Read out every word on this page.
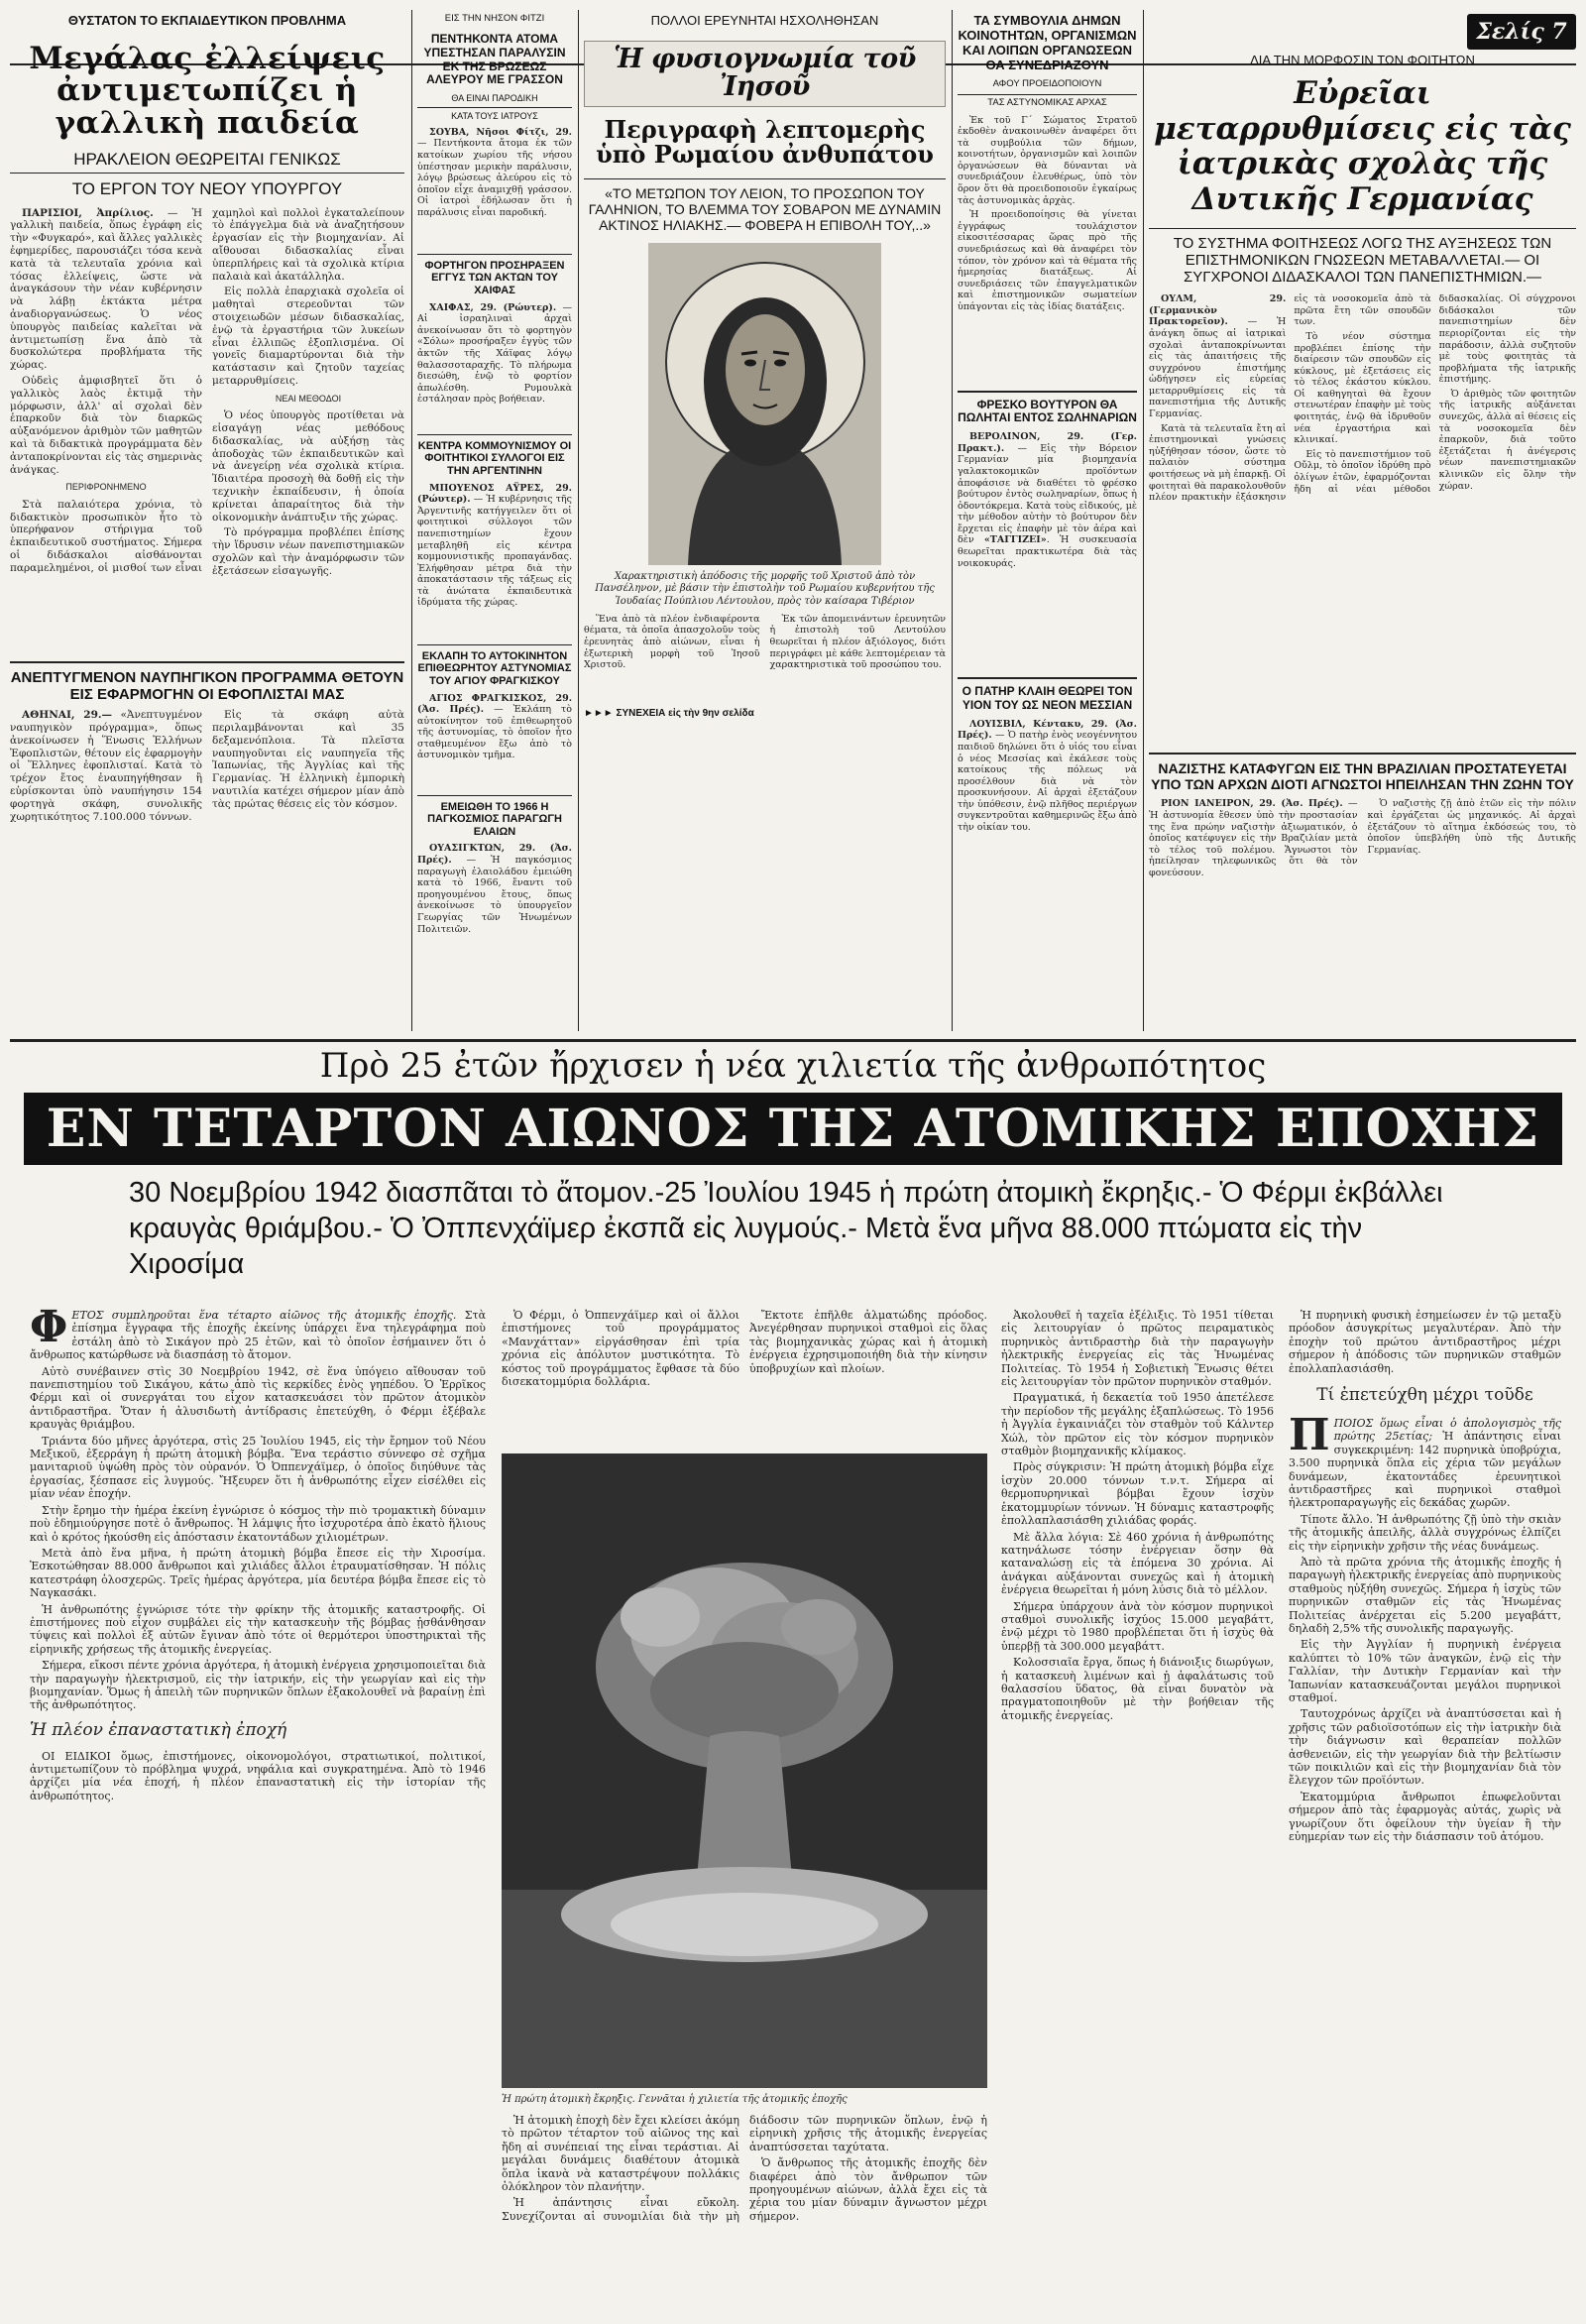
ΘΥΣΤΑΤΟΝ ΤΟ ΕΚΠΑΙΔΕΥΤΙΚΟΝ ΠΡΟΒΛΗΜΑ
Μεγάλας ἐλλείψεις ἀντιμετωπίζει ἡ γαλλικὴ παιδεία
ΗΡΑΚΛΕΙΟΝ ΘΕΩΡΕΙΤΑΙ ΓΕΝΙΚΩΣ
ΤΟ ΕΡΓΟΝ ΤΟΥ ΝΕΟΥ ΥΠΟΥΡΓΟΥ

ΠΑΡΙΣΙΟΙ, Ἀπρίλιος. — Ἡ γαλλικὴ παιδεία, ὅπως ἐγράφη εἰς τὴν «Φυγκαρό», καὶ ἄλλες γαλλικὲς ἐφημερίδες, παρουσιάζει τόσα κενὰ κατὰ τὰ τελευταῖα χρόνια καὶ τόσας ἐλλείψεις, ὥστε νὰ ἀναγκάσουν τὴν νέαν κυβέρνησιν νὰ λάβῃ ἐκτάκτα μέτρα ἀναδιοργανώσεως. Ὁ νέος ὑπουργὸς παιδείας καλεῖται νὰ ἀντιμετωπίσῃ ἕνα ἀπὸ τὰ δυσκολώτερα προβλήματα τῆς χώρας.

Οὐδεὶς ἀμφισβητεῖ ὅτι ὁ γαλλικὸς λαὸς ἐκτιμᾷ τὴν μόρφωσιν, ἀλλ' αἱ σχολαὶ δὲν ἐπαρκοῦν διὰ τὸν διαρκῶς αὐξανόμενον ἀριθμὸν τῶν μαθητῶν καὶ τὰ διδακτικὰ προγράμματα δὲν ἀνταποκρίνονται εἰς τὰς σημερινὰς ἀνάγκας.

ΠΕΡΙΦΡΟΝΗΜΕΝΟ

Στὰ παλαιότερα χρόνια, τὸ διδακτικὸν προσωπικὸν ἦτο τὸ ὑπερήφανον στήριγμα τοῦ ἐκπαιδευτικοῦ συστήματος. Σήμερα οἱ διδάσκαλοι αἰσθάνονται παραμελημένοι, οἱ μισθοί των εἶναι χαμηλοὶ καὶ πολλοὶ ἐγκαταλείπουν τὸ ἐπάγγελμα διὰ νὰ ἀναζητήσουν ἐργασίαν εἰς τὴν βιομηχανίαν. Αἱ αἴθουσαι διδασκαλίας εἶναι ὑπερπλήρεις καὶ τὰ σχολικὰ κτίρια παλαιὰ καὶ ἀκατάλληλα.

Εἰς πολλὰ ἐπαρχιακὰ σχολεῖα οἱ μαθηταὶ στερεοῦνται τῶν στοιχειωδῶν μέσων διδασκαλίας, ἐνῷ τὰ ἐργαστήρια τῶν λυκείων εἶναι ἐλλιπῶς ἐξοπλισμένα. Οἱ γονεῖς διαμαρτύρονται διὰ τὴν κατάστασιν καὶ ζητοῦν ταχείας μεταρρυθμίσεις.

ΝΕΑΙ ΜΕΘΟΔΟΙ

Ὁ νέος ὑπουργὸς προτίθεται νὰ εἰσαγάγῃ νέας μεθόδους διδασκαλίας, νὰ αὐξήσῃ τὰς ἀποδοχὰς τῶν ἐκπαιδευτικῶν καὶ νὰ ἀνεγείρῃ νέα σχολικὰ κτίρια. Ἰδιαιτέρα προσοχὴ θὰ δοθῇ εἰς τὴν τεχνικὴν ἐκπαίδευσιν, ἡ ὁποία κρίνεται ἀπαραίτητος διὰ τὴν οἰκονομικὴν ἀνάπτυξιν τῆς χώρας.

Τὸ πρόγραμμα προβλέπει ἐπίσης τὴν ἵδρυσιν νέων πανεπιστημιακῶν σχολῶν καὶ τὴν ἀναμόρφωσιν τῶν ἐξετάσεων εἰσαγωγῆς.

ΑΝΕΠΤΥΓΜΕΝΟΝ ΝΑΥΠΗΓΙΚΟΝ ΠΡΟΓΡΑΜΜΑ ΘΕΤΟΥΝ ΕΙΣ ΕΦΑΡΜΟΓΗΝ ΟΙ ΕΦΟΠΛΙΣΤΑΙ ΜΑΣ

ΑΘΗΝΑΙ, 29.— «Ἀνεπτυγμένον ναυπηγικὸν πρόγραμμα», ὅπως ἀνεκοίνωσεν ἡ Ἕνωσις Ἑλλήνων Ἐφοπλιστῶν, θέτουν εἰς ἐφαρμογὴν οἱ Ἕλληνες ἐφοπλισταί. Κατὰ τὸ τρέχον ἔτος ἐναυπηγήθησαν ἢ εὑρίσκονται ὑπὸ ναυπήγησιν 154 φορτηγὰ σκάφη, συνολικῆς χωρητικότητος 7.100.000 τόννων.

Εἰς τὰ σκάφη αὐτὰ περιλαμβάνονται καὶ 35 δεξαμενόπλοια. Τὰ πλεῖστα ναυπηγοῦνται εἰς ναυπηγεῖα τῆς Ἰαπωνίας, τῆς Ἀγγλίας καὶ τῆς Γερμανίας. Ἡ ἑλληνικὴ ἐμπορικὴ ναυτιλία κατέχει σήμερον μίαν ἀπὸ τὰς πρώτας θέσεις εἰς τὸν κόσμον.

ΕΙΣ ΤΗΝ ΝΗΣΟΝ ΦΙΤΖΙ
ΠΕΝΤΗΚΟΝΤΑ ΑΤΟΜΑ ΥΠΕΣΤΗΣΑΝ ΠΑΡΑΛΥΣΙΝ ΕΚ ΤΗΣ ΒΡΩΣΕΩΣ ΑΛΕΥΡΟΥ ΜΕ ΓΡΑΣΣΟΝ
ΘΑ ΕΙΝΑΙ ΠΑΡΟΔΙΚΗ
ΚΑΤΑ ΤΟΥΣ ΙΑΤΡΟΥΣ

ΣΟΥΒΑ, Νῆσοι Φίτζι, 29. — Πεντήκοντα ἄτομα ἐκ τῶν κατοίκων χωρίου τῆς νήσου ὑπέστησαν μερικὴν παράλυσιν, λόγῳ βρώσεως ἀλεύρου εἰς τὸ ὁποῖον εἶχε ἀναμιχθῇ γράσσον. Οἱ ἰατροὶ ἐδήλωσαν ὅτι ἡ παράλυσις εἶναι παροδική.

ΦΟΡΤΗΓΟΝ ΠΡΟΣΗΡΑΞΕΝ ΕΓΓΥΣ ΤΩΝ ΑΚΤΩΝ ΤΟΥ ΧΑΙΦΑΣ

ΧΑΙΦΑΣ, 29. (Ρώυτερ). — Αἱ ἰσραηλιναὶ ἀρχαὶ ἀνεκοίνωσαν ὅτι τὸ φορτηγὸν «Σόλω» προσήραξεν ἐγγὺς τῶν ἀκτῶν τῆς Χάϊφας λόγῳ θαλασσοταραχῆς. Τὸ πλήρωμα διεσώθη, ἐνῷ τὸ φορτίον ἀπωλέσθη. Ρυμουλκὰ ἐστάλησαν πρὸς βοήθειαν.

ΚΕΝΤΡΑ ΚΟΜΜΟΥΝΙΣΜΟΥ ΟΙ ΦΟΙΤΗΤΙΚΟΙ ΣΥΛΛΟΓΟΙ ΕΙΣ ΤΗΝ ΑΡΓΕΝΤΙΝΗΝ

ΜΠΟΥΕΝΟΣ ΑΫΡΕΣ, 29. (Ρώυτερ). — Ἡ κυβέρνησις τῆς Ἀργεντινῆς κατήγγειλεν ὅτι οἱ φοιτητικοὶ σύλλογοι τῶν πανεπιστημίων ἔχουν μεταβληθῆ εἰς κέντρα κομμουνιστικῆς προπαγάνδας. Ἐλήφθησαν μέτρα διὰ τὴν ἀποκατάστασιν τῆς τάξεως εἰς τὰ ἀνώτατα ἐκπαιδευτικὰ ἱδρύματα τῆς χώρας.

ΕΚΛΑΠΗ ΤΟ ΑΥΤΟΚΙΝΗΤΟΝ ΕΠΙΘΕΩΡΗΤΟΥ ΑΣΤΥΝΟΜΙΑΣ ΤΟΥ ΑΓΙΟΥ ΦΡΑΓΚΙΣΚΟΥ

ΑΓΙΟΣ ΦΡΑΓΚΙΣΚΟΣ, 29. (Ἀσ. Πρές). — Ἐκλάπη τὸ αὐτοκίνητον τοῦ ἐπιθεωρητοῦ τῆς ἀστυνομίας, τὸ ὁποῖον ἦτο σταθμευμένον ἔξω ἀπὸ τὸ ἀστυνομικὸν τμῆμα.

ΕΜΕΙΩΘΗ ΤΟ 1966 Η ΠΑΓΚΟΣΜΙΟΣ ΠΑΡΑΓΩΓΗ ΕΛΑΙΩΝ

ΟΥΑΣΙΓΚΤΩΝ, 29. (Ἀσ. Πρές). — Ἡ παγκόσμιος παραγωγὴ ἐλαιολάδου ἐμειώθη κατὰ τὸ 1966, ἔναντι τοῦ προηγουμένου ἔτους, ὅπως ἀνεκοίνωσε τὸ ὑπουργεῖον Γεωργίας τῶν Ἡνωμένων Πολιτειῶν.

ΠΟΛΛΟΙ ΕΡΕΥΝΗΤΑΙ ΗΣΧΟΛΗΘΗΣΑΝ
Ἡ φυσιογνωμία τοῦ Ἰησοῦ
Περιγραφὴ λεπτομερὴς ὑπὸ Ρωμαίου ἀνθυπάτου
«ΤΟ ΜΕΤΩΠΟΝ ΤΟΥ ΛΕΙΟΝ, ΤΟ ΠΡΟΣΩΠΟΝ ΤΟΥ ΓΑΛΗΝΙΟΝ, ΤΟ ΒΛΕΜΜΑ ΤΟΥ ΣΟΒΑΡΟΝ ΜΕ ΔΥΝΑΜΙΝ ΑΚΤΙΝΟΣ ΗΛΙΑΚΗΣ.— ΦΟΒΕΡΑ Η ΕΠΙΒΟΛΗ ΤΟΥ,..»
Χαρακτηριστικὴ ἀπόδοσις τῆς μορφῆς τοῦ Χριστοῦ ἀπὸ τὸν Πανσέληνον, μὲ βάσιν τὴν ἐπιστολὴν τοῦ Ρωμαίου κυβερνήτου τῆς Ἰουδαίας Πούπλιου Λέντουλου, πρὸς τὸν καίσαρα Τιβέριον

Ἕνα ἀπὸ τὰ πλέον ἐνδιαφέροντα θέματα, τὰ ὁποῖα ἀπασχολοῦν τοὺς ἐρευνητὰς ἀπὸ αἰώνων, εἶναι ἡ ἐξωτερικὴ μορφὴ τοῦ Ἰησοῦ Χριστοῦ.

Ἐκ τῶν ἀπομεινάντων ἐρευνητῶν ἡ ἐπιστολὴ τοῦ Λεντούλου θεωρεῖται ἡ πλέον ἀξιόλογος, διότι περιγράφει μὲ κάθε λεπτομέρειαν τὰ χαρακτηριστικὰ τοῦ προσώπου του.

►►► ΣΥΝΕΧΕΙΑ εἰς τὴν 9ην σελίδα
ΤΑ ΣΥΜΒΟΥΛΙΑ ΔΗΜΩΝ ΚΟΙΝΟΤΗΤΩΝ, ΟΡΓΑΝΙΣΜΩΝ ΚΑΙ ΛΟΙΠΩΝ ΟΡΓΑΝΩΣΕΩΝ ΘΑ ΣΥΝΕΔΡΙΑΖΟΥΝ
ΑΦΟΥ ΠΡΟΕΙΔΟΠΟΙΟΥΝ
ΤΑΣ ΑΣΤΥΝΟΜΙΚΑΣ ΑΡΧΑΣ

Ἐκ τοῦ Γ΄ Σώματος Στρατοῦ ἐκδοθὲν ἀνακοινωθὲν ἀναφέρει ὅτι τὰ συμβούλια τῶν δήμων, κοινοτήτων, ὀργανισμῶν καὶ λοιπῶν ὀργανώσεων θὰ δύνανται νὰ συνεδριάζουν ἐλευθέρως, ὑπὸ τὸν ὅρον ὅτι θὰ προειδοποιοῦν ἐγκαίρως τὰς ἀστυνομικὰς ἀρχὰς.

Ἡ προειδοποίησις θὰ γίνεται ἐγγράφως τουλάχιστον εἰκοσιτέσσαρας ὥρας πρὸ τῆς συνεδριάσεως καὶ θὰ ἀναφέρει τὸν τόπον, τὸν χρόνον καὶ τὰ θέματα τῆς ἡμερησίας διατάξεως. Αἱ συνεδριάσεις τῶν ἐπαγγελματικῶν καὶ ἐπιστημονικῶν σωματείων ὑπάγονται εἰς τὰς ἰδίας διατάξεις.

ΦΡΕΣΚΟ ΒΟΥΤΥΡΟΝ ΘΑ ΠΩΛΗΤΑΙ ΕΝΤΟΣ ΣΩΛΗΝΑΡΙΩΝ

ΒΕΡΟΛΙΝΟΝ, 29. (Γερ. Πρακτ.). — Εἰς τὴν Βόρειον Γερμανίαν μία βιομηχανία γαλακτοκομικῶν προϊόντων ἀποφάσισε νὰ διαθέτει τὸ φρέσκο βούτυρον ἐντὸς σωληναρίων, ὅπως ἡ ὀδοντόκρεμα. Κατὰ τοὺς εἰδικούς, μὲ τὴν μέθοδον αὐτὴν τὸ βούτυρον δὲν ἔρχεται εἰς ἐπαφὴν μὲ τὸν ἀέρα καὶ δὲν «ΤΑΓΓΙΖΕΙ». Ἡ συσκευασία θεωρεῖται πρακτικωτέρα διὰ τὰς νοικοκυράς.

Ο ΠΑΤΗΡ ΚΛΑΙΗ ΘΕΩΡΕΙ ΤΟΝ ΥΙΟΝ ΤΟΥ ΩΣ ΝΕΟΝ ΜΕΣΣΙΑΝ

ΛΟΥΙΣΒΙΛ, Κέντακυ, 29. (Ἀσ. Πρές). — Ὁ πατὴρ ἑνὸς νεογέννητου παιδιοῦ δηλώνει ὅτι ὁ υἱός του εἶναι ὁ νέος Μεσσίας καὶ ἐκάλεσε τοὺς κατοίκους τῆς πόλεως νὰ προσέλθουν διὰ νὰ τὸν προσκυνήσουν. Αἱ ἀρχαὶ ἐξετάζουν τὴν ὑπόθεσιν, ἐνῷ πλῆθος περιέργων συγκεντροῦται καθημερινῶς ἔξω ἀπὸ τὴν οἰκίαν του.

Σελίς 7
ΔΙΑ ΤΗΝ ΜΟΡΦΩΣΙΝ ΤΩΝ ΦΟΙΤΗΤΩΝ
Εὐρεῖαι μεταρρυθμίσεις εἰς τὰς ἰατρικὰς σχολὰς τῆς Δυτικῆς Γερμανίας
ΤΟ ΣΥΣΤΗΜΑ ΦΟΙΤΗΣΕΩΣ ΛΟΓΩ ΤΗΣ ΑΥΞΗΣΕΩΣ ΤΩΝ ΕΠΙΣΤΗΜΟΝΙΚΩΝ ΓΝΩΣΕΩΝ ΜΕΤΑΒΑΛΛΕΤΑΙ.— ΟΙ ΣΥΓΧΡΟΝΟΙ ΔΙΔΑΣΚΑΛΟΙ ΤΩΝ ΠΑΝΕΠΙΣΤΗΜΙΩΝ.—

ΟΥΛΜ, 29. (Γερμανικὸν Πρακτορεῖον). — Ἡ ἀνάγκη ὅπως αἱ ἰατρικαὶ σχολαὶ ἀνταποκρίνωνται εἰς τὰς ἀπαιτήσεις τῆς συγχρόνου ἐπιστήμης ὡδήγησεν εἰς εὐρείας μεταρρυθμίσεις εἰς τὰ πανεπιστήμια τῆς Δυτικῆς Γερμανίας.

Κατὰ τὰ τελευταῖα ἔτη αἱ ἐπιστημονικαὶ γνώσεις ηὐξήθησαν τόσον, ὥστε τὸ παλαιὸν σύστημα φοιτήσεως νὰ μὴ ἐπαρκῇ. Οἱ φοιτηταὶ θὰ παρακολουθοῦν πλέον πρακτικὴν ἐξάσκησιν εἰς τὰ νοσοκομεῖα ἀπὸ τὰ πρῶτα ἔτη τῶν σπουδῶν των.

Τὸ νέον σύστημα προβλέπει ἐπίσης τὴν διαίρεσιν τῶν σπουδῶν εἰς κύκλους, μὲ ἐξετάσεις εἰς τὸ τέλος ἑκάστου κύκλου. Οἱ καθηγηταὶ θὰ ἔχουν στενωτέραν ἐπαφὴν μὲ τοὺς φοιτητάς, ἐνῷ θὰ ἱδρυθοῦν νέα ἐργαστήρια καὶ κλινικαί.

Εἰς τὸ πανεπιστήμιον τοῦ Οὔλμ, τὸ ὁποῖον ἱδρύθη πρὸ ὀλίγων ἐτῶν, ἐφαρμόζονται ἤδη αἱ νέαι μέθοδοι διδασκαλίας. Οἱ σύγχρονοι διδάσκαλοι τῶν πανεπιστημίων δὲν περιορίζονται εἰς τὴν παράδοσιν, ἀλλὰ συζητοῦν μὲ τοὺς φοιτητὰς τὰ προβλήματα τῆς ἰατρικῆς ἐπιστήμης.

Ὁ ἀριθμὸς τῶν φοιτητῶν τῆς ἰατρικῆς αὐξάνεται συνεχῶς, ἀλλὰ αἱ θέσεις εἰς τὰ νοσοκομεῖα δὲν ἐπαρκοῦν, διὰ τοῦτο ἐξετάζεται ἡ ἀνέγερσις νέων πανεπιστημιακῶν κλινικῶν εἰς ὅλην τὴν χώραν.

ΝΑΖΙΣΤΗΣ ΚΑΤΑΦΥΓΩΝ ΕΙΣ ΤΗΝ ΒΡΑΖΙΛΙΑΝ ΠΡΟΣΤΑΤΕΥΕΤΑΙ ΥΠΟ ΤΩΝ ΑΡΧΩΝ ΔΙΟΤΙ ΑΓΝΩΣΤΟΙ ΗΠΕΙΛΗΣΑΝ ΤΗΝ ΖΩΗΝ ΤΟΥ

ΡΙΟΝ ΙΑΝΕΙΡΟΝ, 29. (Ἀσ. Πρές). — Ἡ ἀστυνομία ἔθεσεν ὑπὸ τὴν προστασίαν της ἕνα πρώην ναζιστὴν ἀξιωματικόν, ὁ ὁποῖος κατέφυγεν εἰς τὴν Βραζιλίαν μετὰ τὸ τέλος τοῦ πολέμου. Ἄγνωστοι τὸν ἠπείλησαν τηλεφωνικῶς ὅτι θὰ τὸν φονεύσουν.

Ὁ ναζιστὴς ζῇ ἀπὸ ἐτῶν εἰς τὴν πόλιν καὶ ἐργάζεται ὡς μηχανικός. Αἱ ἀρχαὶ ἐξετάζουν τὸ αἴτημα ἐκδόσεώς του, τὸ ὁποῖον ὑπεβλήθη ὑπὸ τῆς Δυτικῆς Γερμανίας.

Πρὸ 25 ἐτῶν ἤρχισεν ἡ νέα χιλιετία τῆς ἀνθρωπότητος
ΕΝ ΤΕΤΑΡΤΟΝ ΑΙΩΝΟΣ ΤΗΣ ΑΤΟΜΙΚΗΣ ΕΠΟΧΗΣ
30 Νοεμβρίου 1942 διασπᾶται τὸ ἄτομον.-25 Ἰουλίου 1945 ἡ πρώτη ἀτομικὴ ἔκρηξις.- Ὁ Φέρμι ἐκβάλλει κραυγὰς θριάμβου.- Ὁ Ὀππενχάϊμερ ἐκσπᾶ εἰς λυγμούς.- Μετὰ ἕνα μῆνα 88.000 πτώματα εἰς τὴν Χιροσίμα

ΦΕΤΟΣ συμπληροῦται ἕνα τέταρτο αἰῶνος τῆς ἀτομικῆς ἐποχῆς. Στὰ ἐπίσημα ἔγγραφα τῆς ἐποχῆς ἐκείνης ὑπάρχει ἕνα τηλεγράφημα ποὺ ἐστάλη ἀπὸ τὸ Σικάγον πρὸ 25 ἐτῶν, καὶ τὸ ὁποῖον ἐσήμαινεν ὅτι ὁ ἄνθρωπος κατώρθωσε νὰ διασπάσῃ τὸ ἄτομον.

Αὐτὸ συνέβαινεν στὶς 30 Νοεμβρίου 1942, σὲ ἕνα ὑπόγειο αἴθουσαν τοῦ πανεπιστημίου τοῦ Σικάγου, κάτω ἀπὸ τὶς κερκίδες ἑνὸς γηπέδου. Ὁ Ἐρρῖκος Φέρμι καὶ οἱ συνεργάται του εἶχον κατασκευάσει τὸν πρῶτον ἀτομικὸν ἀντιδραστῆρα. Ὅταν ἡ ἀλυσιδωτὴ ἀντίδρασις ἐπετεύχθη, ὁ Φέρμι ἐξέβαλε κραυγὰς θριάμβου.

Τριάντα δύο μῆνες ἀργότερα, στὶς 25 Ἰουλίου 1945, εἰς τὴν ἔρημον τοῦ Νέου Μεξικοῦ, ἐξερράγη ἡ πρώτη ἀτομικὴ βόμβα. Ἕνα τεράστιο σύννεφο σὲ σχῆμα μανιταριοῦ ὑψώθη πρὸς τὸν οὐρανόν. Ὁ Ὀππενχάϊμερ, ὁ ὁποῖος διηύθυνε τὰς ἐργασίας, ξέσπασε εἰς λυγμούς. Ἤξευρεν ὅτι ἡ ἀνθρωπότης εἶχεν εἰσέλθει εἰς μίαν νέαν ἐποχήν.

Στὴν ἔρημο τὴν ἡμέρα ἐκείνη ἐγνώρισε ὁ κόσμος τὴν πιὸ τρομακτικὴ δύναμιν ποὺ ἐδημιούργησε ποτὲ ὁ ἄνθρωπος. Ἡ λάμψις ἦτο ἰσχυροτέρα ἀπὸ ἑκατὸ ἥλιους καὶ ὁ κρότος ἠκούσθη εἰς ἀπόστασιν ἑκατοντάδων χιλιομέτρων.

Μετὰ ἀπὸ ἕνα μῆνα, ἡ πρώτη ἀτομικὴ βόμβα ἔπεσε εἰς τὴν Χιροσίμα. Ἐσκοτώθησαν 88.000 ἄνθρωποι καὶ χιλιάδες ἄλλοι ἐτραυματίσθησαν. Ἡ πόλις κατεστράφη ὁλοσχερῶς. Τρεῖς ἡμέρας ἀργότερα, μία δευτέρα βόμβα ἔπεσε εἰς τὸ Ναγκασάκι.

Ἡ ἀνθρωπότης ἐγνώρισε τότε τὴν φρίκην τῆς ἀτομικῆς καταστροφῆς. Οἱ ἐπιστήμονες ποὺ εἶχον συμβάλει εἰς τὴν κατασκευὴν τῆς βόμβας ᾐσθάνθησαν τύψεις καὶ πολλοὶ ἐξ αὐτῶν ἔγιναν ἀπὸ τότε οἱ θερμότεροι ὑποστηρικταὶ τῆς εἰρηνικῆς χρήσεως τῆς ἀτομικῆς ἐνεργείας.

Σήμερα, εἴκοσι πέντε χρόνια ἀργότερα, ἡ ἀτομικὴ ἐνέργεια χρησιμοποιεῖται διὰ τὴν παραγωγὴν ἠλεκτρισμοῦ, εἰς τὴν ἰατρικήν, εἰς τὴν γεωργίαν καὶ εἰς τὴν βιομηχανίαν. Ὅμως ἡ ἀπειλὴ τῶν πυρηνικῶν ὅπλων ἐξακολουθεῖ νὰ βαραίνῃ ἐπὶ τῆς ἀνθρωπότητος.

Ἡ πλέον ἐπαναστατικὴ ἐποχή

ΟΙ ΕΙΔΙΚΟΙ ὅμως, ἐπιστήμονες, οἰκονομολόγοι, στρατιωτικοί, πολιτικοί, ἀντιμετωπίζουν τὸ πρόβλημα ψυχρά, νηφάλια καὶ συγκρατημένα. Ἀπὸ τὸ 1946 ἀρχίζει μία νέα ἐποχή, ἡ πλέον ἐπαναστατικὴ εἰς τὴν ἱστορίαν τῆς ἀνθρωπότητος.

Ὁ Φέρμι, ὁ Ὀππενχάϊμερ καὶ οἱ ἄλλοι ἐπιστήμονες τοῦ προγράμματος «Μανχάτταν» εἰργάσθησαν ἐπὶ τρία χρόνια εἰς ἀπόλυτον μυστικότητα. Τὸ κόστος τοῦ προγράμματος ἔφθασε τὰ δύο δισεκατομμύρια δολλάρια.

Ἔκτοτε ἐπῆλθε ἀλματώδης πρόοδος. Ἀνεγέρθησαν πυρηνικοὶ σταθμοὶ εἰς ὅλας τὰς βιομηχανικὰς χώρας καὶ ἡ ἀτομικὴ ἐνέργεια ἐχρησιμοποιήθη διὰ τὴν κίνησιν ὑποβρυχίων καὶ πλοίων.

Ἡ πρώτη ἀτομικὴ ἔκρηξις. Γεννᾶται ἡ χιλιετία τῆς ἀτομικῆς ἐποχῆς

Ἡ ἀτομικὴ ἐποχὴ δὲν ἔχει κλείσει ἀκόμη τὸ πρῶτον τέταρτον τοῦ αἰῶνος της καὶ ἤδη αἱ συνέπειαί της εἶναι τεράστιαι. Αἱ μεγάλαι δυνάμεις διαθέτουν ἀτομικὰ ὅπλα ἱκανὰ νὰ καταστρέψουν πολλάκις ὁλόκληρον τὸν πλανήτην.

Ἡ ἀπάντησις εἶναι εὔκολη. Συνεχίζονται αἱ συνομιλίαι διὰ τὴν μὴ διάδοσιν τῶν πυρηνικῶν ὅπλων, ἐνῷ ἡ εἰρηνικὴ χρῆσις τῆς ἀτομικῆς ἐνεργείας ἀναπτύσσεται ταχύτατα.

Ὁ ἄνθρωπος τῆς ἀτομικῆς ἐποχῆς δὲν διαφέρει ἀπὸ τὸν ἄνθρωπον τῶν προηγουμένων αἰώνων, ἀλλὰ ἔχει εἰς τὰ χέρια του μίαν δύναμιν ἄγνωστον μέχρι σήμερον.

Ἀκολουθεῖ ἡ ταχεῖα ἐξέλιξις. Τὸ 1951 τίθεται εἰς λειτουργίαν ὁ πρῶτος πειραματικὸς πυρηνικὸς ἀντιδραστὴρ διὰ τὴν παραγωγὴν ἠλεκτρικῆς ἐνεργείας εἰς τὰς Ἡνωμένας Πολιτείας. Τὸ 1954 ἡ Σοβιετικὴ Ἕνωσις θέτει εἰς λειτουργίαν τὸν πρῶτον πυρηνικὸν σταθμόν.

Πραγματικά, ἡ δεκαετία τοῦ 1950 ἀπετέλεσε τὴν περίοδον τῆς μεγάλης ἐξαπλώσεως. Τὸ 1956 ἡ Ἀγγλία ἐγκαινιάζει τὸν σταθμὸν τοῦ Κάλντερ Χώλ, τὸν πρῶτον εἰς τὸν κόσμον πυρηνικὸν σταθμὸν βιομηχανικῆς κλίμακος.

Πρὸς σύγκρισιν: Ἡ πρώτη ἀτομικὴ βόμβα εἶχε ἰσχὺν 20.000 τόννων τ.ν.τ. Σήμερα αἱ θερμοπυρηνικαὶ βόμβαι ἔχουν ἰσχὺν ἑκατομμυρίων τόννων. Ἡ δύναμις καταστροφῆς ἐπολλαπλασιάσθη χιλιάδας φοράς.

Μὲ ἄλλα λόγια: Σὲ 460 χρόνια ἡ ἀνθρωπότης κατηνάλωσε τόσην ἐνέργειαν ὅσην θὰ καταναλώσῃ εἰς τὰ ἑπόμενα 30 χρόνια. Αἱ ἀνάγκαι αὐξάνονται συνεχῶς καὶ ἡ ἀτομικὴ ἐνέργεια θεωρεῖται ἡ μόνη λύσις διὰ τὸ μέλλον.

Σήμερα ὑπάρχουν ἀνὰ τὸν κόσμον πυρηνικοὶ σταθμοὶ συνολικῆς ἰσχύος 15.000 μεγαβάττ, ἐνῷ μέχρι τὸ 1980 προβλέπεται ὅτι ἡ ἰσχὺς θὰ ὑπερβῇ τὰ 300.000 μεγαβάττ.

Κολοσσιαῖα ἔργα, ὅπως ἡ διάνοιξις διωρύγων, ἡ κατασκευὴ λιμένων καὶ ἡ ἀφαλάτωσις τοῦ θαλασσίου ὕδατος, θὰ εἶναι δυνατὸν νὰ πραγματοποιηθοῦν μὲ τὴν βοήθειαν τῆς ἀτομικῆς ἐνεργείας.

Ἡ πυρηνικὴ φυσικὴ ἐσημείωσεν ἐν τῷ μεταξὺ πρόοδον ἀσυγκρίτως μεγαλυτέραν. Ἀπὸ τὴν ἐποχὴν τοῦ πρώτου ἀντιδραστῆρος μέχρι σήμερον ἡ ἀπόδοσις τῶν πυρηνικῶν σταθμῶν ἐπολλαπλασιάσθη.

Τί ἐπετεύχθη μέχρι τοῦδε

ΠΠΟΙΟΣ ὅμως εἶναι ὁ ἀπολογισμὸς τῆς πρώτης 25ετίας; Ἡ ἀπάντησις εἶναι συγκεκριμένη: 142 πυρηνικὰ ὑποβρύχια, 3.500 πυρηνικὰ ὅπλα εἰς χέρια τῶν μεγάλων δυνάμεων, ἑκατοντάδες ἐρευνητικοὶ ἀντιδραστῆρες καὶ πυρηνικοὶ σταθμοὶ ἠλεκτροπαραγωγῆς εἰς δεκάδας χωρῶν.

Τίποτε ἄλλο. Ἡ ἀνθρωπότης ζῇ ὑπὸ τὴν σκιὰν τῆς ἀτομικῆς ἀπειλῆς, ἀλλὰ συγχρόνως ἐλπίζει εἰς τὴν εἰρηνικὴν χρῆσιν τῆς νέας δυνάμεως.

Ἀπὸ τὰ πρῶτα χρόνια τῆς ἀτομικῆς ἐποχῆς ἡ παραγωγὴ ἠλεκτρικῆς ἐνεργείας ἀπὸ πυρηνικοὺς σταθμοὺς ηὐξήθη συνεχῶς. Σήμερα ἡ ἰσχὺς τῶν πυρηνικῶν σταθμῶν εἰς τὰς Ἡνωμένας Πολιτείας ἀνέρχεται εἰς 5.200 μεγαβάττ, δηλαδὴ 2,5% τῆς συνολικῆς παραγωγῆς.

Εἰς τὴν Ἀγγλίαν ἡ πυρηνικὴ ἐνέργεια καλύπτει τὸ 10% τῶν ἀναγκῶν, ἐνῷ εἰς τὴν Γαλλίαν, τὴν Δυτικὴν Γερμανίαν καὶ τὴν Ἰαπωνίαν κατασκευάζονται μεγάλοι πυρηνικοὶ σταθμοί.

Ταυτοχρόνως ἀρχίζει νὰ ἀναπτύσσεται καὶ ἡ χρῆσις τῶν ραδιοϊσοτόπων εἰς τὴν ἰατρικὴν διὰ τὴν διάγνωσιν καὶ θεραπείαν πολλῶν ἀσθενειῶν, εἰς τὴν γεωργίαν διὰ τὴν βελτίωσιν τῶν ποικιλιῶν καὶ εἰς τὴν βιομηχανίαν διὰ τὸν ἔλεγχον τῶν προϊόντων.

Ἐκατομμύρια ἄνθρωποι ἐπωφελοῦνται σήμερον ἀπὸ τὰς ἐφαρμογὰς αὐτάς, χωρὶς νὰ γνωρίζουν ὅτι ὀφείλουν τὴν ὑγείαν ἢ τὴν εὐημερίαν των εἰς τὴν διάσπασιν τοῦ ἀτόμου.
